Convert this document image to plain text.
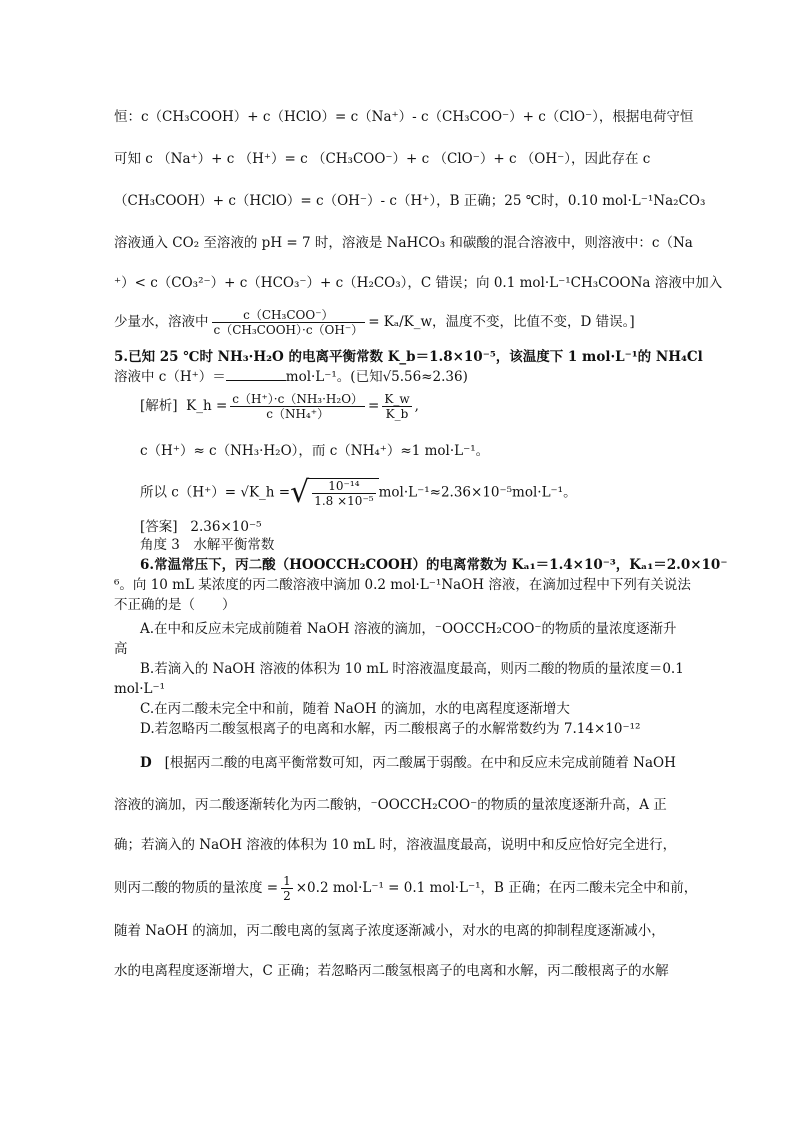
恒：c（CH₃COOH）+ c（HClO）= c（Na⁺）- c（CH₃COO⁻）+ c（ClO⁻），根据电荷守恒
可知 c （Na⁺）+ c （H⁺）= c （CH₃COO⁻）+ c （ClO⁻）+ c （OH⁻），因此存在 c
（CH₃COOH）+ c（HClO）= c（OH⁻）- c（H⁺），B 正确；25 ℃时，0.10 mol·L⁻¹Na₂CO₃
溶液通入 CO₂ 至溶液的 pH = 7 时，溶液是 NaHCO₃ 和碳酸的混合溶液中，则溶液中：c（Na
⁺）< c（CO₃²⁻）+ c（HCO₃⁻）+ c（H₂CO₃），C 错误；向 0.1 mol·L⁻¹CH₃COONa 溶液中加入
少量水，溶液中 $\frac{\text{c（CH₃COO⁻）}}{\text{c（CH₃COOH）·c（OH⁻）}}$ = Kₐ/K_w，温度不变，比值不变，D 错误。]
5.已知 25 ℃时 NH₃·H₂O 的电离平衡常数 K_b＝1.8×10⁻⁵，该温度下 1 mol·L⁻¹的 NH₄Cl
溶液中 c（H⁺）＝	mol·L⁻¹。(已知√5.56≈2.36)
[解析] K_h = $\frac{\text{c（H⁺）·c（NH₃·H₂O）}}{\text{c（NH₄⁺）}} = \frac{K\_w}{K\_b}$ ,
c（H⁺）≈ c（NH₃·H₂O），而 c（NH₄⁺）≈1 mol·L⁻¹。
所以 c（H⁺）= √K_h =√ $\frac{\text{10⁻¹⁴}}{\text{1.8 ×10⁻⁵}} mol\cdot L^{-1}\approx 2.36\times 10^{-5}mol\cdot L^{-1}$。
[答案] 2.36×10⁻⁵
角度 3　水解平衡常数
6.常温常压下，丙二酸（HOOCCH₂COOH）的电离常数为 Kₐ₁＝1.4×10⁻³，Kₐ₁＝2.0×10⁻
⁶。向 10 mL 某浓度的丙二酸溶液中滴加 0.2 mol·L⁻¹NaOH 溶液，在滴加过程中下列有关说法
不正确的是（　　）
A.在中和反应未完成前随着 NaOH 溶液的滴加，⁻OOCCH₂COO⁻的物质的量浓度逐渐升
高
B.若滴入的 NaOH 溶液的体积为 10 mL 时溶液温度最高，则丙二酸的物质的量浓度＝0.1
mol·L⁻¹
C.在丙二酸未完全中和前，随着 NaOH 的滴加，水的电离程度逐渐增大
D.若忽略丙二酸氢根离子的电离和水解，丙二酸根离子的水解常数约为 7.14×10⁻¹²
D [根据丙二酸的电离平衡常数可知，丙二酸属于弱酸。在中和反应未完成前随着 NaOH
溶液的滴加，丙二酸逐渐转化为丙二酸钠，⁻OOCCH₂COO⁻的物质的量浓度逐渐升高，A 正
确；若滴入的 NaOH 溶液的体积为 10 mL 时，溶液温度最高，说明中和反应恰好完全进行，
则丙二酸的物质的量浓度 = $\frac{1}{2} \times 0.2$ mol·L⁻¹ = 0.1 mol·L⁻¹，B 正确；在丙二酸未完全中和前，
随着 NaOH 的滴加，丙二酸电离的氢离子浓度逐渐减小，对水的电离的抑制程度逐渐减小，
水的电离程度逐渐增大，C 正确；若忽略丙二酸氢根离子的电离和水解，丙二酸根离子的水解
